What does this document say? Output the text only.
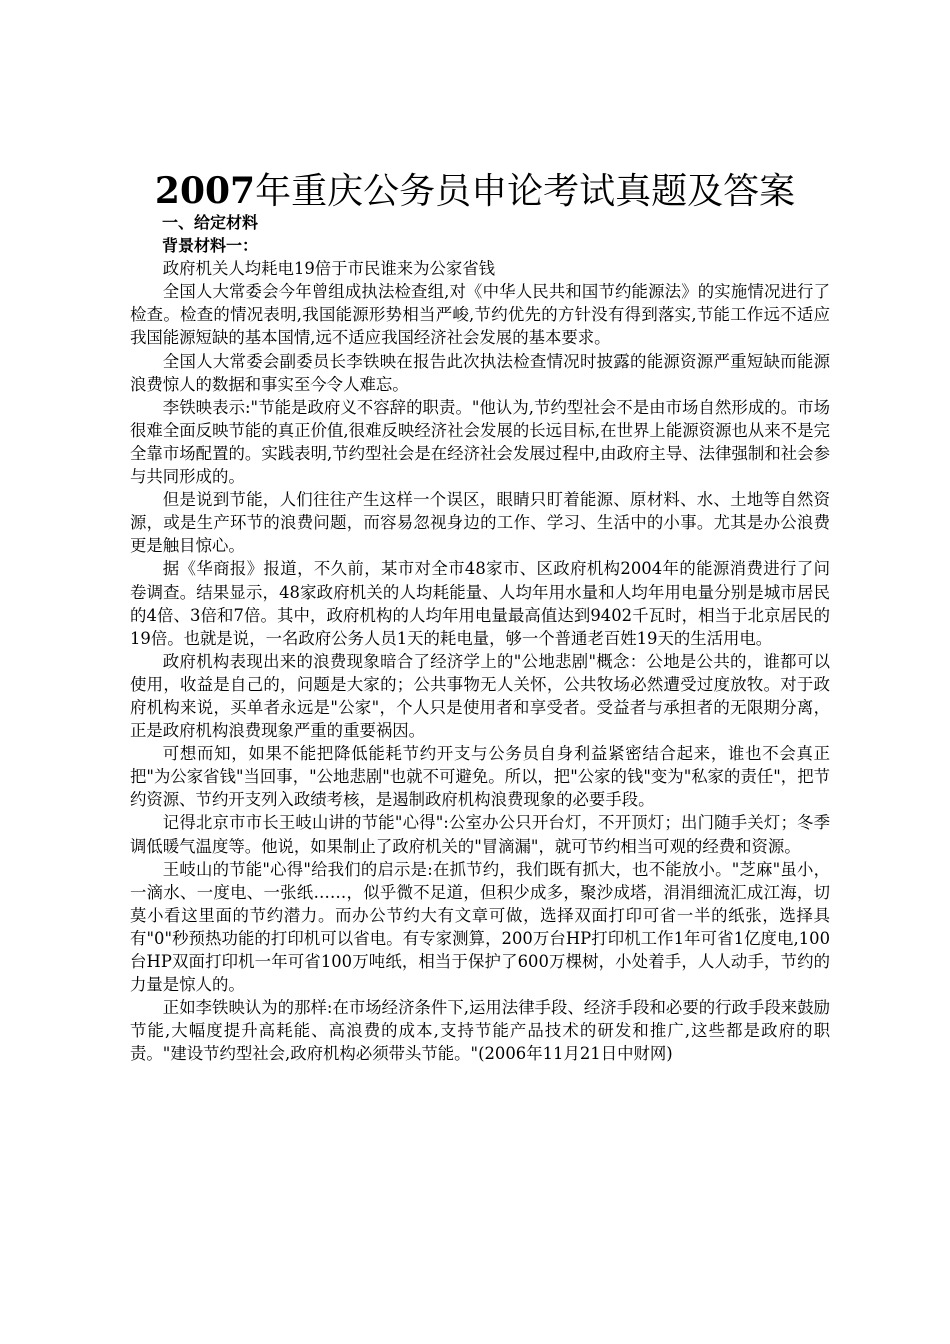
2007年重庆公务员申论考试真题及答案

一、给定材料

背景材料一：

政府机关人均耗电19倍于市民谁来为公家省钱

全国人大常委会今年曾组成执法检查组,对《中华人民共和国节约能源法》的实施情况进行了检查。检查的情况表明,我国能源形势相当严峻,节约优先的方针没有得到落实,节能工作远不适应我国能源短缺的基本国情,远不适应我国经济社会发展的基本要求。

全国人大常委会副委员长李铁映在报告此次执法检查情况时披露的能源资源严重短缺而能源浪费惊人的数据和事实至今令人难忘。

李铁映表示:"节能是政府义不容辞的职责。"他认为,节约型社会不是由市场自然形成的。市场很难全面反映节能的真正价值,很难反映经济社会发展的长远目标,在世界上能源资源也从来不是完全靠市场配置的。实践表明,节约型社会是在经济社会发展过程中,由政府主导、法律强制和社会参与共同形成的。

但是说到节能，人们往往产生这样一个误区，眼睛只盯着能源、原材料、水、土地等自然资源，或是生产环节的浪费问题，而容易忽视身边的工作、学习、生活中的小事。尤其是办公浪费更是触目惊心。

据《华商报》报道，不久前，某市对全市48家市、区政府机构2004年的能源消费进行了问卷调查。结果显示，48家政府机关的人均耗能量、人均年用水量和人均年用电量分别是城市居民的4倍、3倍和7倍。其中，政府机构的人均年用电量最高值达到9402千瓦时，相当于北京居民的19倍。也就是说，一名政府公务人员1天的耗电量，够一个普通老百姓19天的生活用电。

政府机构表现出来的浪费现象暗合了经济学上的"公地悲剧"概念：公地是公共的，谁都可以使用，收益是自己的，问题是大家的；公共事物无人关怀，公共牧场必然遭受过度放牧。对于政府机构来说，买单者永远是"公家"，个人只是使用者和享受者。受益者与承担者的无限期分离，正是政府机构浪费现象严重的重要祸因。

可想而知，如果不能把降低能耗节约开支与公务员自身利益紧密结合起来，谁也不会真正把"为公家省钱"当回事，"公地悲剧"也就不可避免。所以，把"公家的钱"变为"私家的责任"，把节约资源、节约开支列入政绩考核，是遏制政府机构浪费现象的必要手段。

记得北京市市长王岐山讲的节能"心得":公室办公只开台灯，不开顶灯；出门随手关灯；冬季调低暖气温度等。他说，如果制止了政府机关的"冒滴漏"，就可节约相当可观的经费和资源。

王岐山的节能"心得"给我们的启示是:在抓节约，我们既有抓大，也不能放小。"芝麻"虽小，一滴水、一度电、一张纸……，似乎微不足道，但积少成多，聚沙成塔，涓涓细流汇成江海，切莫小看这里面的节约潜力。而办公节约大有文章可做，选择双面打印可省一半的纸张，选择具有"0"秒预热功能的打印机可以省电。有专家测算，200万台HP打印机工作1年可省1亿度电,100台HP双面打印机一年可省100万吨纸，相当于保护了600万棵树，小处着手，人人动手，节约的力量是惊人的。

正如李铁映认为的那样:在市场经济条件下,运用法律手段、经济手段和必要的行政手段来鼓励节能,大幅度提升高耗能、高浪费的成本,支持节能产品技术的研发和推广,这些都是政府的职责。"建设节约型社会,政府机构必须带头节能。"(2006年11月21日中财网)
